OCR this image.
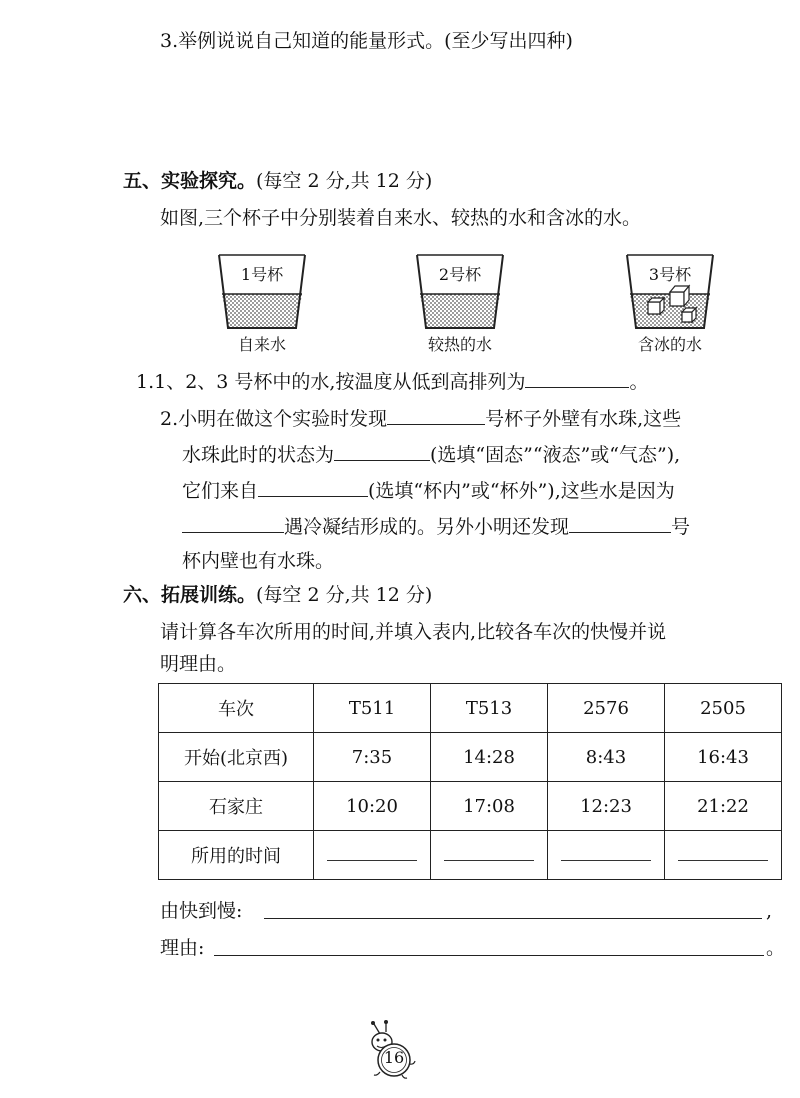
3.举例说说自己知道的能量形式。(至少写出四种)
五、实验探究。(每空 2 分,共 12 分)
如图,三个杯子中分别装着自来水、较热的水和含冰的水。
1号杯
自来水
2号杯
较热的水
3号杯
含冰的水
1.1、2、3 号杯中的水,按温度从低到高排列为	。
2.小明在做这个实验时发现	号杯子外壁有水珠,这些
水珠此时的状态为	(选填“固态”“液态”或“气态”),
它们来自	(选填“杯内”或“杯外”),这些水是因为
遇冷凝结形成的。另外小明还发现	号
杯内壁也有水珠。
六、拓展训练。(每空 2 分,共 12 分)
请计算各车次所用的时间,并填入表内,比较各车次的快慢并说
明理由。
车次	T511	T513	2576	2505
开始(北京西)	7:35	14:28	8:43	16:43
石家庄	10:20	17:08	12:23	21:22
所用的时间				
由快到慢:	,
理由:	。
16
